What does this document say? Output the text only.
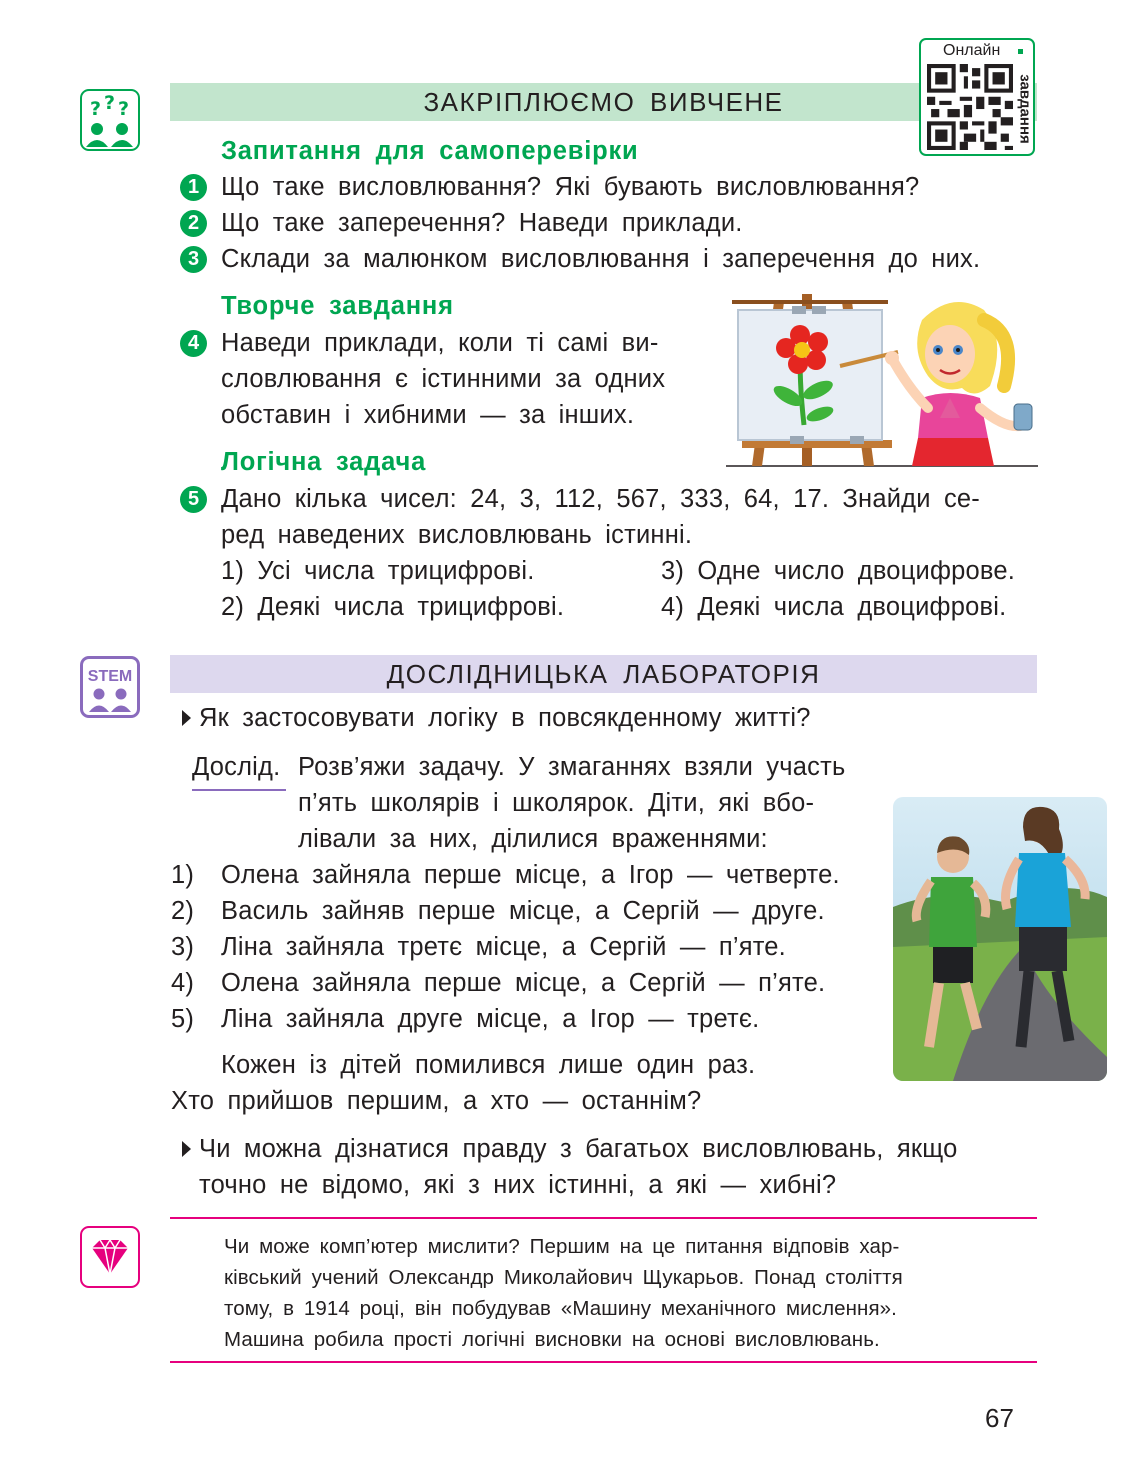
? ? ?	ЗАКРІПЛЮЄМО ВИВЧЕНЕ
Онлайн
завдання
Запитання для самоперевірки
1 Що таке висловлювання? Які бувають висловлювання?
2 Що таке заперечення? Наведи приклади.
3 Склади за малюнком висловлювання і заперечення до них.
Творче завдання
4 Наведи приклади, коли ті самі ви-
словлювання є істинними за одних
обставин і хибними — за інших.
Логічна задача
5 Дано кілька чисел: 24, 3, 112, 567, 333, 64, 17. Знайди се-
ред наведених висловлювань істинні.
1) Усі числа трицифрові.	3) Одне число двоцифрове.
2) Деякі числа трицифрові.	4) Деякі числа двоцифрові.
STEM	ДОСЛІДНИЦЬКА ЛАБОРАТОРІЯ
Як застосовувати логіку в повсякденному житті?
Дослід. Розв’яжи задачу. У змаганнях взяли участь
п’ять школярів і школярок. Діти, які вбо-
лівали за них, ділилися враженнями:
1) Олена зайняла перше місце, а Ігор — четверте.
2) Василь зайняв перше місце, а Сергій — друге.
3) Ліна зайняла третє місце, а Сергій — п’яте.
4) Олена зайняла перше місце, а Сергій — п’яте.
5) Ліна зайняла друге місце, а Ігор — третє.
Кожен із дітей помилився лише один раз.
Хто прийшов першим, а хто — останнім?
Чи можна дізнатися правду з багатьох висловлювань, якщо
точно не відомо, які з них істинні, а які — хибні?
Чи може комп’ютер мислити? Першим на це питання відповів хар-
ківський учений Олександр Миколайович Щукарьов. Понад століття
тому, в 1914 році, він побудував «Машину механічного мислення».
Машина робила прості логічні висновки на основі висловлювань.
67
